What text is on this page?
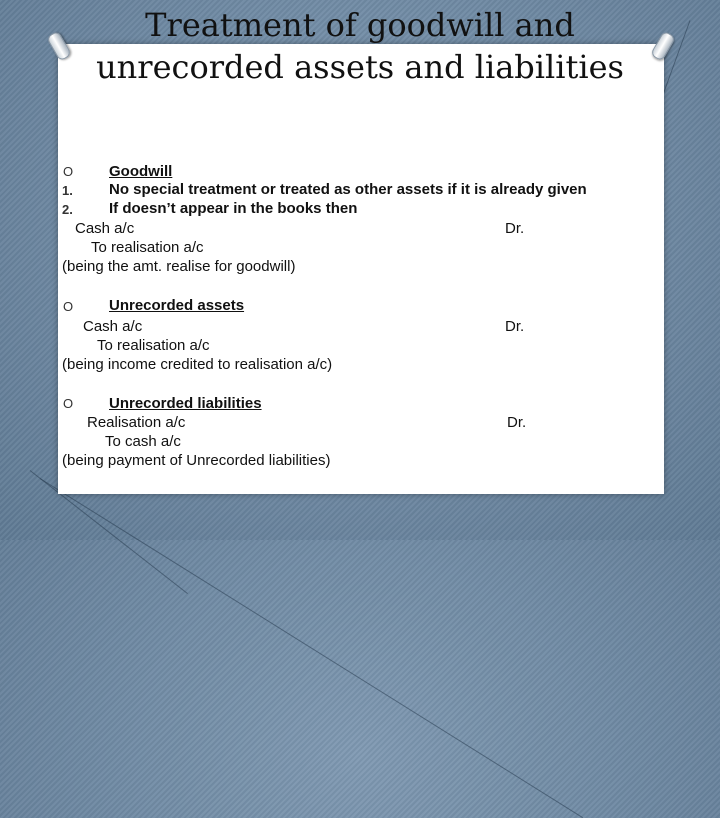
Treatment of goodwill and
unrecorded assets and liabilities
O Goodwill
1. No special treatment or treated as other assets if it is already given
2. If doesn’t appear in the books then
Cash a/c	Dr.
To realisation a/c
(being the amt. realise for goodwill)
O Unrecorded assets
Cash a/c	Dr.
To realisation a/c
(being income credited to realisation a/c)
O Unrecorded liabilities
Realisation a/c	Dr.
To cash a/c
(being payment of Unrecorded liabilities)
